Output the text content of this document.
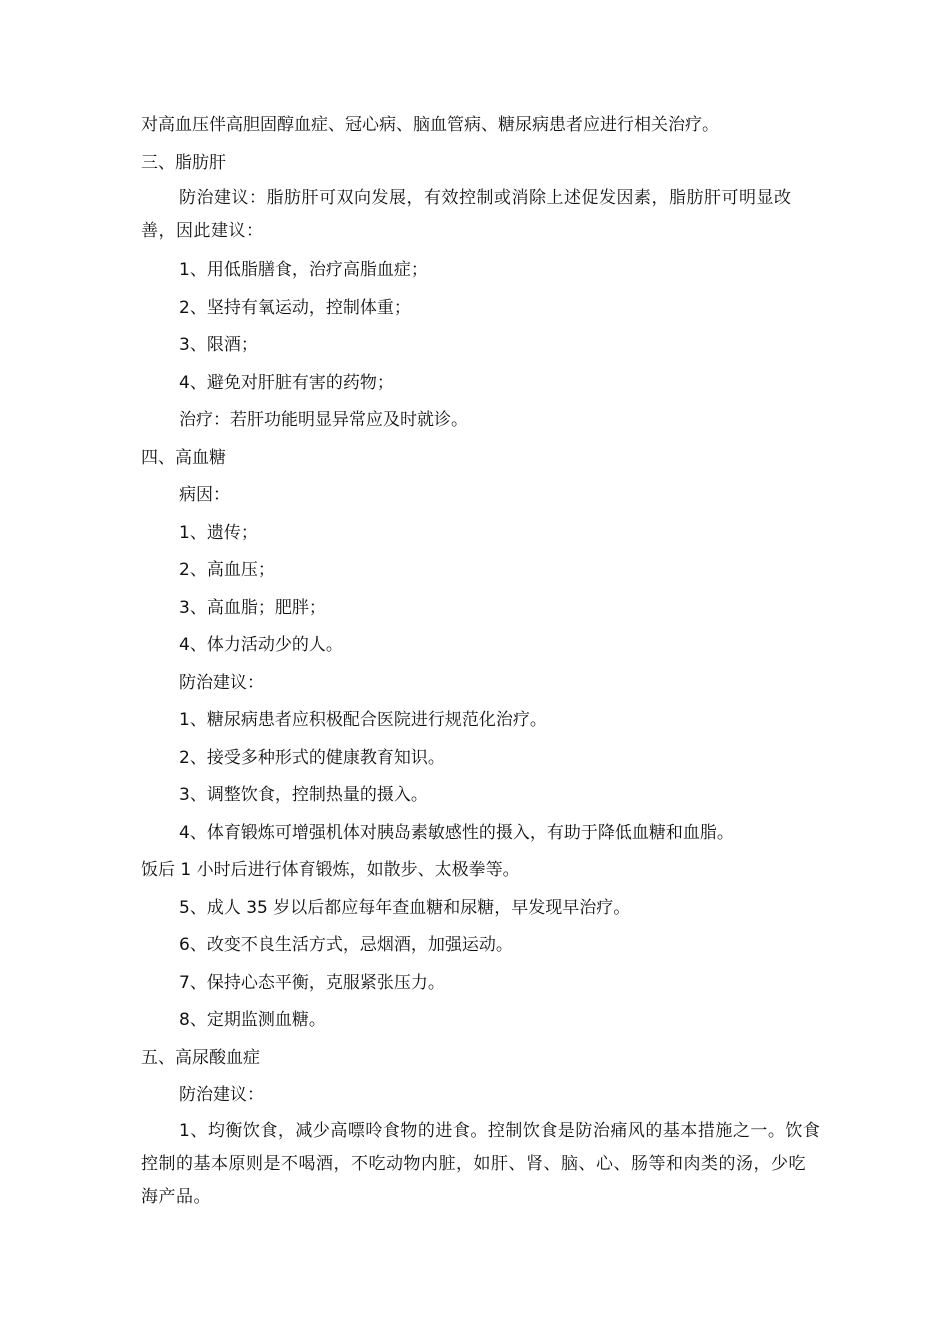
对高血压伴高胆固醇血症、冠心病、脑血管病、糖尿病患者应进行相关治疗。

三、脂肪肝

防治建议：脂肪肝可双向发展，有效控制或消除上述促发因素，脂肪肝可明显改善，因此建议：

1、用低脂膳食，治疗高脂血症；

2、坚持有氧运动，控制体重；

3、限酒；

4、避免对肝脏有害的药物；

治疗：若肝功能明显异常应及时就诊。

四、高血糖

病因：

1、遗传；

2、高血压；

3、高血脂；肥胖；

4、体力活动少的人。

防治建议：

1、糖尿病患者应积极配合医院进行规范化治疗。

2、接受多种形式的健康教育知识。

3、调整饮食，控制热量的摄入。

4、体育锻炼可增强机体对胰岛素敏感性的摄入，有助于降低血糖和血脂。

饭后 1 小时后进行体育锻炼，如散步、太极拳等。

5、成人 35 岁以后都应每年查血糖和尿糖，早发现早治疗。

6、改变不良生活方式，忌烟酒，加强运动。

7、保持心态平衡，克服紧张压力。

8、定期监测血糖。

五、高尿酸血症

防治建议：

1、均衡饮食，减少高嘌呤食物的进食。控制饮食是防治痛风的基本措施之一。饮食控制的基本原则是不喝酒，不吃动物内脏，如肝、肾、脑、心、肠等和肉类的汤，少吃海产品。
